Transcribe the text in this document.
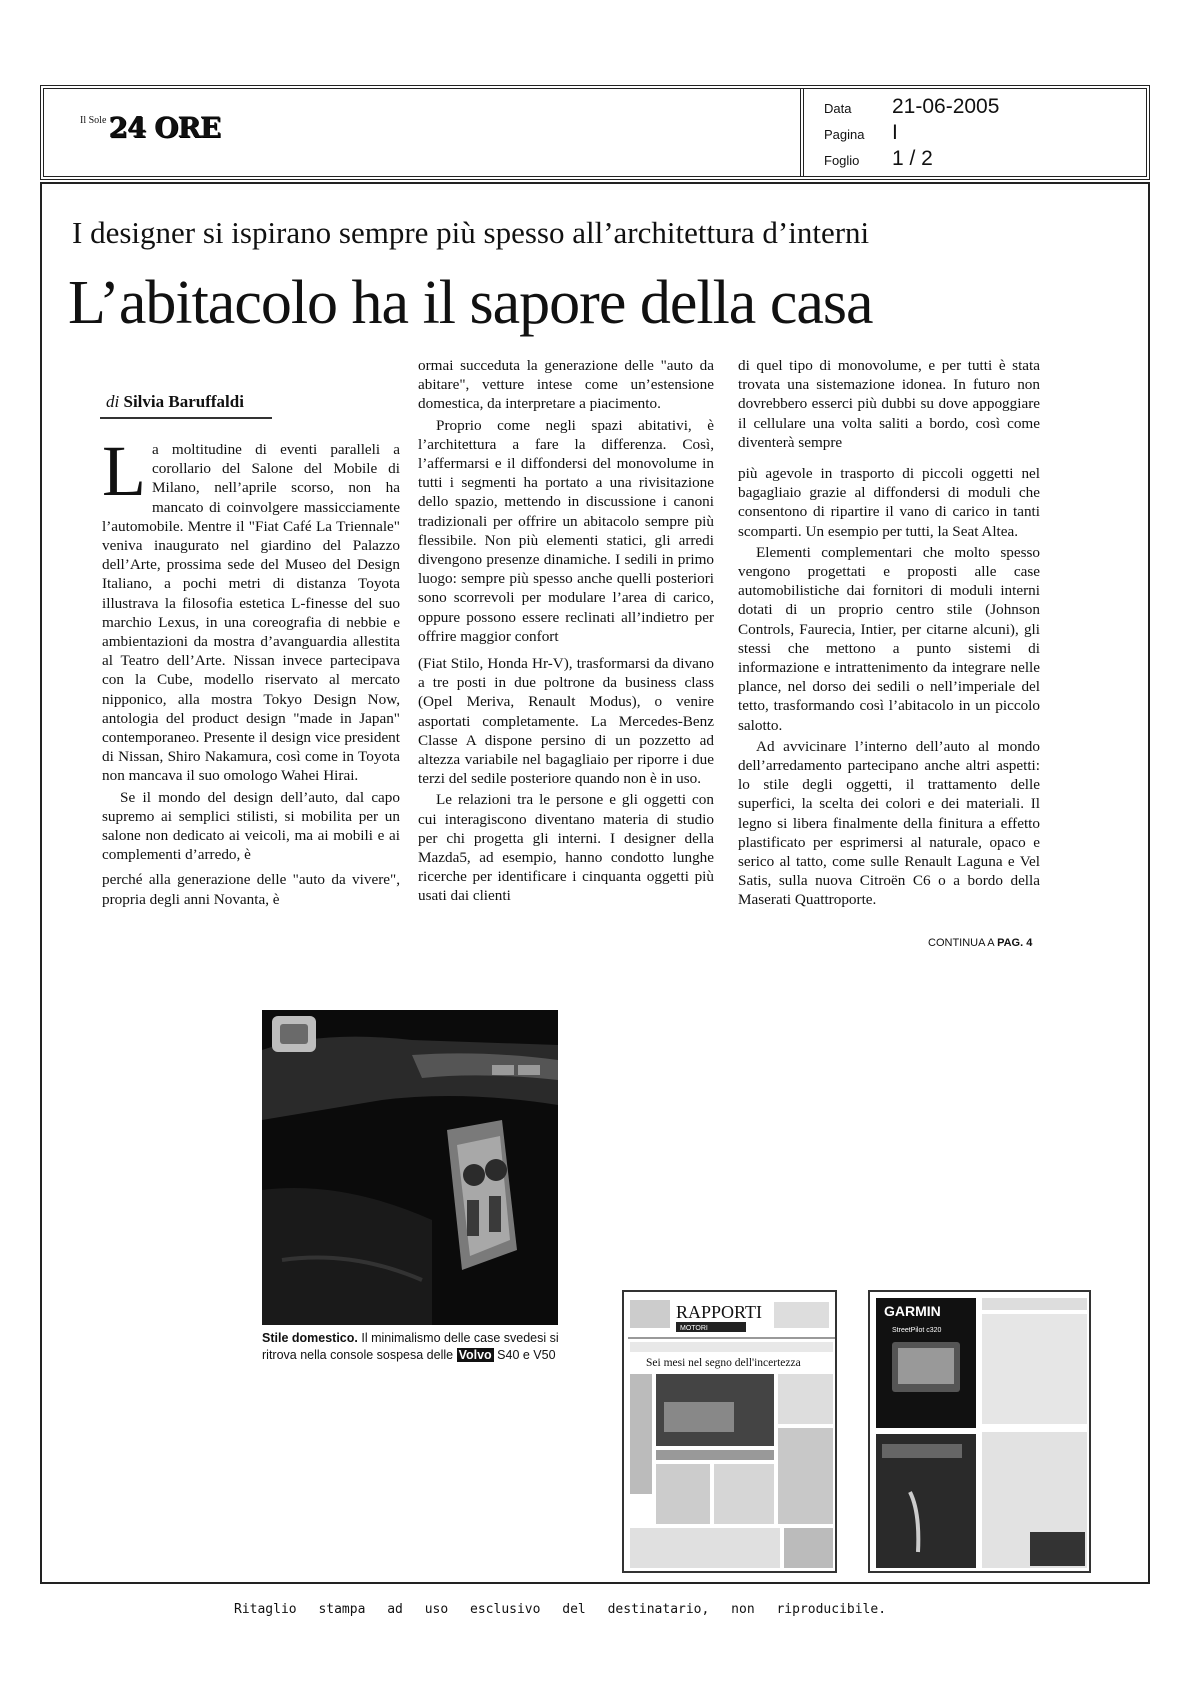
Il Sole 24 ORE
Data	21-06-2005
Pagina	I
Foglio	1 / 2
I designer si ispirano sempre più spesso all’architettura d’interni
L’abitacolo ha il sapore della casa
di Silvia Baruffaldi

La moltitudine di eventi paralleli a corollario del Salone del Mobile di Milano, nell’aprile scorso, non ha mancato di coinvolgere massicciamente l’automobile. Mentre il "Fiat Café La Triennale" veniva inaugurato nel giardino del Palazzo dell’Arte, prossima sede del Museo del Design Italiano, a pochi metri di distanza Toyota illustrava la filosofia estetica L-finesse del suo marchio Lexus, in una coreografia di nebbie e ambientazioni da mostra d’avanguardia allestita al Teatro dell’Arte. Nissan invece partecipava con la Cube, modello riservato al mercato nipponico, alla mostra Tokyo Design Now, antologia del product design "made in Japan" contemporaneo. Presente il design vice president di Nissan, Shiro Nakamura, così come in Toyota non mancava il suo omologo Wahei Hirai.

Se il mondo del design dell’auto, dal capo supremo ai semplici stilisti, si mobilita per un salone non dedicato ai veicoli, ma ai mobili e ai complementi d’arredo, è

perché alla generazione delle "auto da vivere", propria degli anni Novanta, è

ormai succeduta la generazione delle "auto da abitare", vetture intese come un’estensione domestica, da interpretare a piacimento.

Proprio come negli spazi abitativi, è l’architettura a fare la differenza. Così, l’affermarsi e il diffondersi del monovolume in tutti i segmenti ha portato a una rivisitazione dello spazio, mettendo in discussione i canoni tradizionali per offrire un abitacolo sempre più flessibile. Non più elementi statici, gli arredi divengono presenze dinamiche. I sedili in primo luogo: sempre più spesso anche quelli posteriori sono scorrevoli per modulare l’area di carico, oppure possono essere reclinati all’indietro per offrire maggior confort

(Fiat Stilo, Honda Hr-V), trasformarsi da divano a tre posti in due poltrone da business class (Opel Meriva, Renault Modus), o venire asportati completamente. La Mercedes-Benz Classe A dispone persino di un pozzetto ad altezza variabile nel bagagliaio per riporre i due terzi del sedile posteriore quando non è in uso.

Le relazioni tra le persone e gli oggetti con cui interagiscono diventano materia di studio per chi progetta gli interni. I designer della Mazda5, ad esempio, hanno condotto lunghe ricerche per identificare i cinquanta oggetti più usati dai clienti

di quel tipo di monovolume, e per tutti è stata trovata una sistemazione idonea. In futuro non dovrebbero esserci più dubbi su dove appoggiare il cellulare una volta saliti a bordo, così come diventerà sempre

più agevole in trasporto di piccoli oggetti nel bagagliaio grazie al diffondersi di moduli che consentono di ripartire il vano di carico in tanti scomparti. Un esempio per tutti, la Seat Altea.

Elementi complementari che molto spesso vengono progettati e proposti alle case automobilistiche dai fornitori di moduli interni dotati di un proprio centro stile (Johnson Controls, Faurecia, Intier, per citarne alcuni), gli stessi che mettono a punto sistemi di informazione e intrattenimento da integrare nelle plance, nel dorso dei sedili o nell’imperiale del tetto, trasformando così l’abitacolo in un piccolo salotto.

Ad avvicinare l’interno dell’auto al mondo dell’arredamento partecipano anche altri aspetti: lo stile degli oggetti, il trattamento delle superfici, la scelta dei colori e dei materiali. Il legno si libera finalmente della finitura a effetto plastificato per esprimersi al naturale, opaco e serico al tatto, come sulle Renault Laguna e Vel Satis, sulla nuova Citroën C6 o a bordo della Maserati Quattroporte.

CONTINUA A PAG. 4
Stile domestico. Il minimalismo delle case svedesi si ritrova nella console sospesa delle Volvo S40 e V50
RAPPORTI
MOTORI
Sei mesi nel segno dell'incertezza
GARMIN
StreetPilot c320
Ritaglio stampa ad uso esclusivo del destinatario, non riproducibile.
